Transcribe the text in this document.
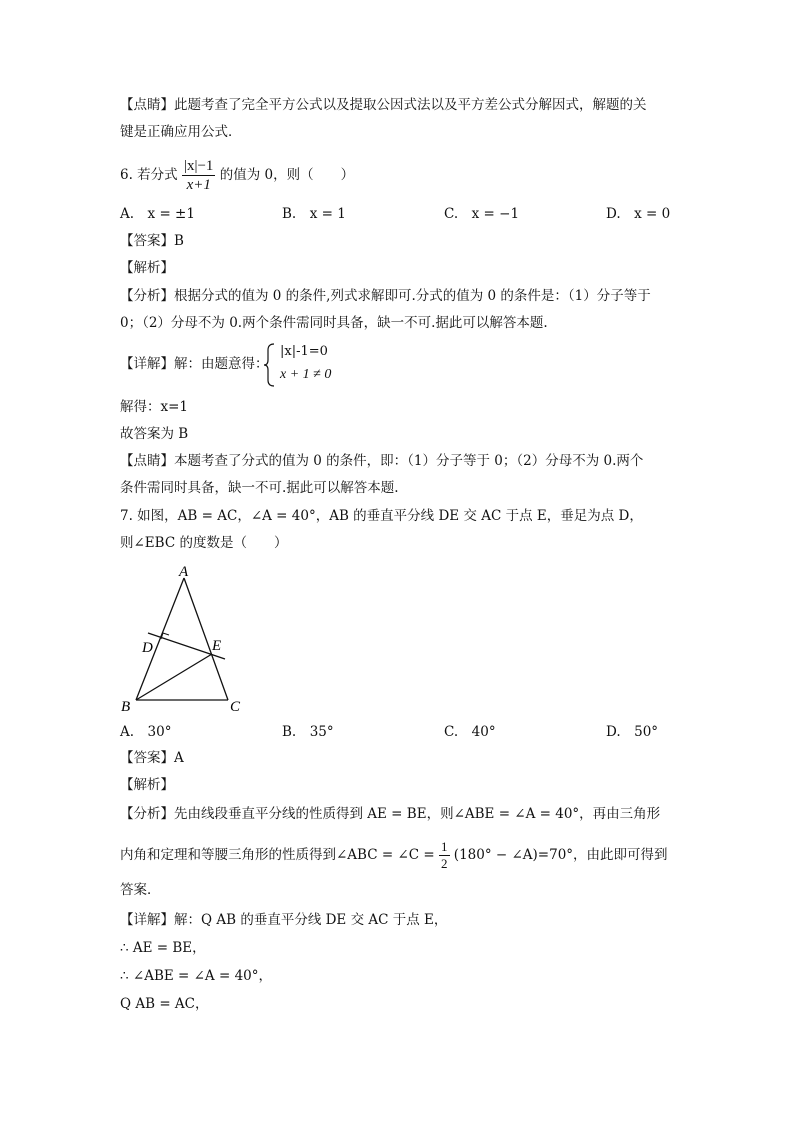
【点睛】此题考查了完全平方公式以及提取公因式法以及平方差公式分解因式，解题的关
键是正确应用公式．
6. 若分式 $\frac{|x|-1}{x+1}$ 的值为 0，则（　　）
A.　x = ±1	B.　x = 1	C.　x = −1	D.　x = 0
【答案】B
【解析】
【分析】根据分式的值为 0 的条件,列式求解即可.分式的值为 0 的条件是：（1）分子等于
0；（2）分母不为 0.两个条件需同时具备，缺一不可.据此可以解答本题.
【详解】解：由题意得：
|x|-1=0
x + 1 ≠ 0
解得：x=1
故答案为 B
【点睛】本题考查了分式的值为 0 的条件，即：（1）分子等于 0；（2）分母不为 0.两个
条件需同时具备，缺一不可.据此可以解答本题.
7. 如图，AB = AC，∠A = 40°，AB 的垂直平分线 DE 交 AC 于点 E，垂足为点 D，
则∠EBC 的度数是（　　）
A
B	C
D	E
A.　30°	B.　35°	C.　40°	D.　50°
【答案】A
【解析】
【分析】先由线段垂直平分线的性质得到 AE = BE，则∠ABE = ∠A = 40°，再由三角形
内角和定理和等腰三角形的性质得到∠ABC = ∠C = $\frac{1}{2} (180^\circ$ − ∠A)=70°，由此即可得到
答案．
【详解】解：Q AB 的垂直平分线 DE 交 AC 于点 E，
∴ AE = BE，
∴ ∠ABE = ∠A = 40°，
Q AB = AC，
